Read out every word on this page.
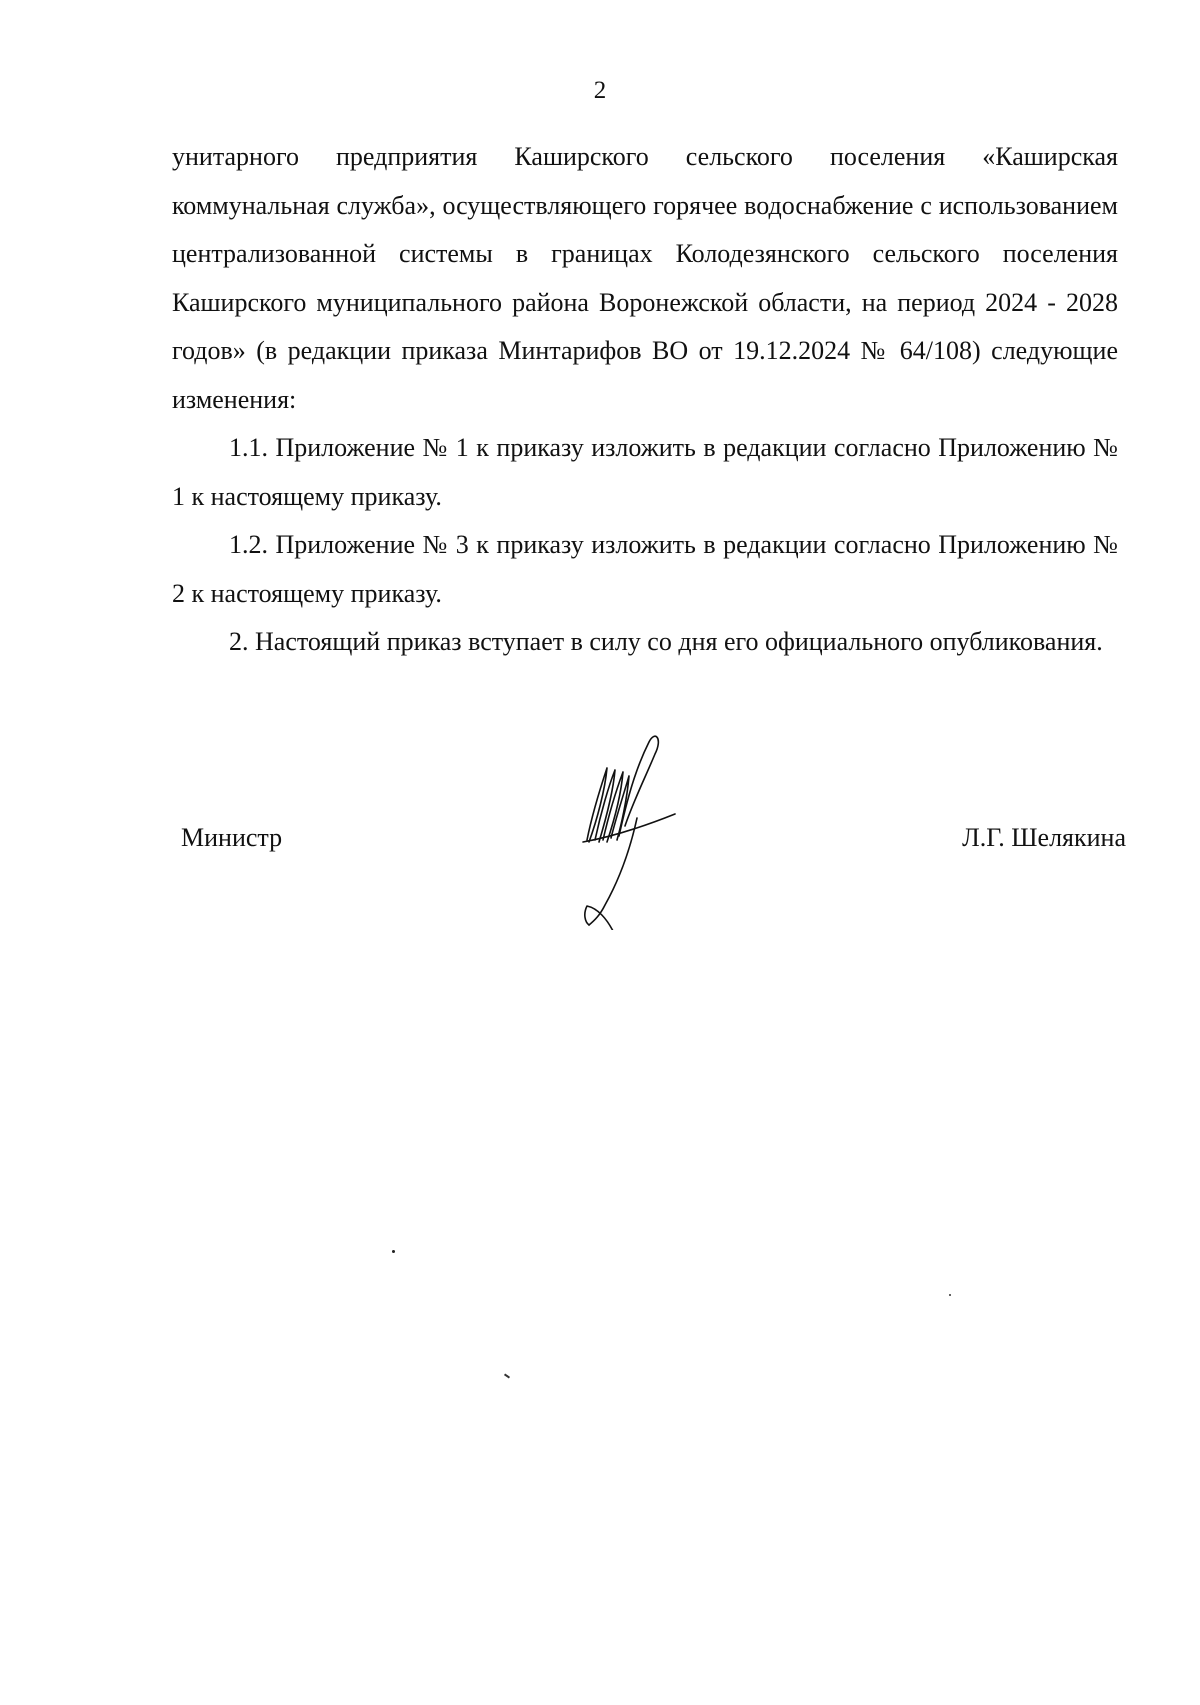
2

унитарного предприятия Каширского сельского поселения «Каширская коммунальная служба», осуществляющего горячее водоснабжение с использованием централизованной системы в границах Колодезянского сельского поселения Каширского муниципального района Воронежской области, на период 2024 - 2028 годов» (в редакции приказа Минтарифов ВО от 19.12.2024 № 64/108) следующие изменения:

1.1. Приложение № 1 к приказу изложить в редакции согласно Приложению № 1 к настоящему приказу.

1.2. Приложение № 3 к приказу изложить в редакции согласно Приложению № 2 к настоящему приказу.

2. Настоящий приказ вступает в силу со дня его официального опубликования.

Министр	Л.Г. Шелякина
